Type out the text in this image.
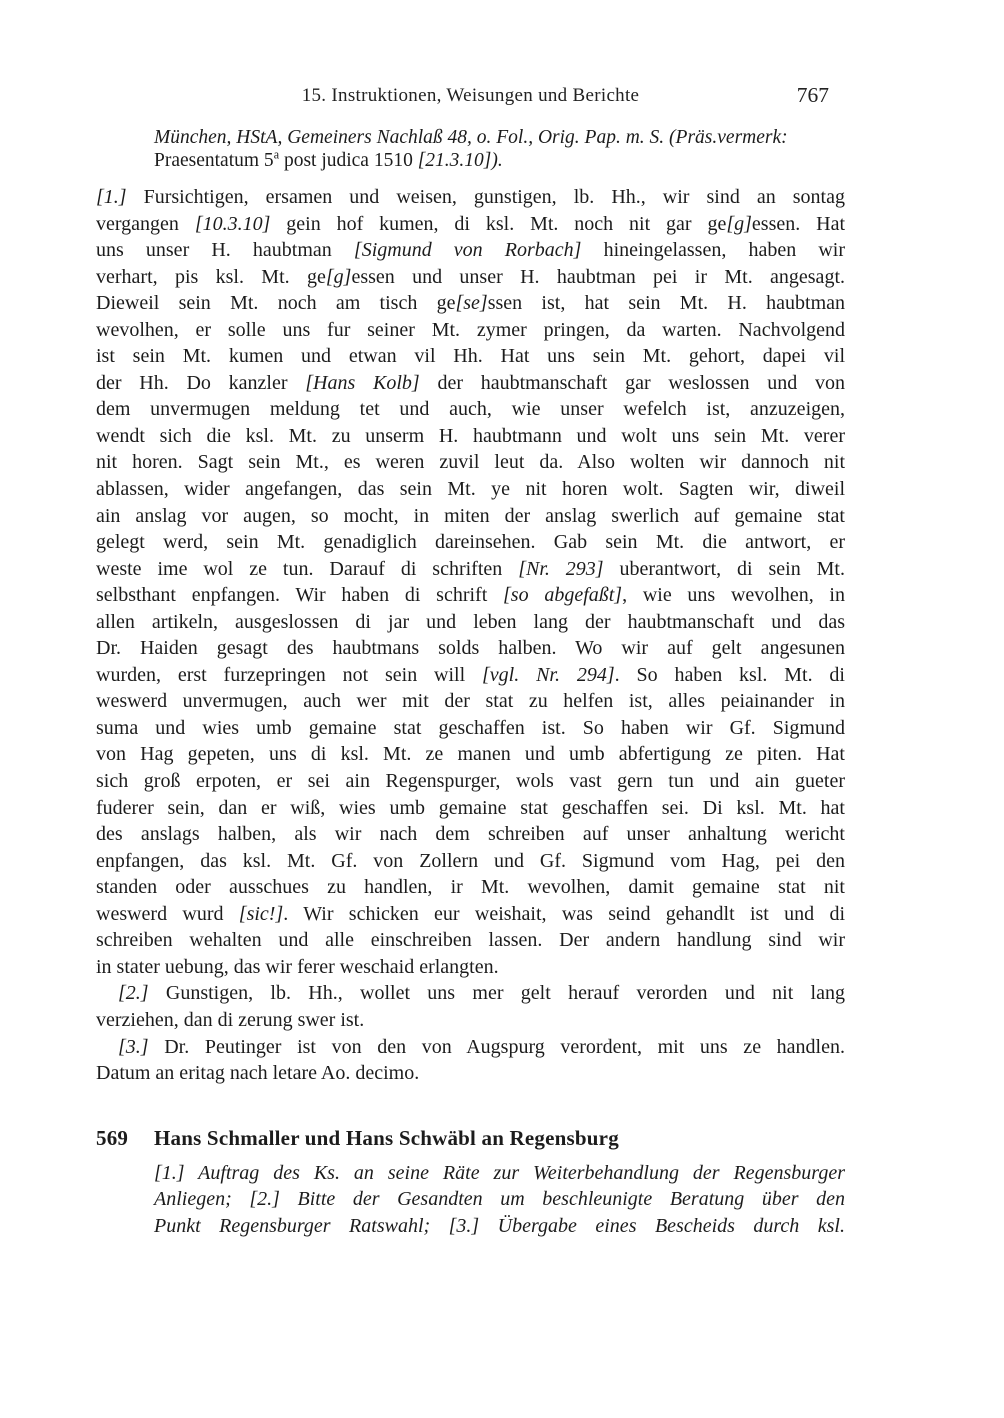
15. Instruktionen, Weisungen und Berichte	767
München, HStA, Gemeiners Nachlaß 48, o. Fol., Orig. Pap. m. S. (Präs.vermerk:
Praesentatum 5$^a$ post judica 1510 [21.3.10]).
[1.] Fursichtigen, ersamen und weisen, gunstigen, lb. Hh., wir sind an sontag
vergangen [10.3.10] gein hof kumen, di ksl. Mt. noch nit gar ge[g]essen. Hat
uns unser H. haubtman [Sigmund von Rorbach] hineingelassen, haben wir
verhart, pis ksl. Mt. ge[g]essen und unser H. haubtman pei ir Mt. angesagt.
Dieweil sein Mt. noch am tisch ge[se]ssen ist, hat sein Mt. H. haubtman
wevolhen, er solle uns fur seiner Mt. zymer pringen, da warten. Nachvolgend
ist sein Mt. kumen und etwan vil Hh. Hat uns sein Mt. gehort, dapei vil
der Hh. Do kanzler [Hans Kolb] der haubtmanschaft gar weslossen und von
dem unvermugen meldung tet und auch, wie unser wefelch ist, anzuzeigen,
wendt sich die ksl. Mt. zu unserm H. haubtmann und wolt uns sein Mt. verer
nit horen. Sagt sein Mt., es weren zuvil leut da. Also wolten wir dannoch nit
ablassen, wider angefangen, das sein Mt. ye nit horen wolt. Sagten wir, diweil
ain anslag vor augen, so mocht, in miten der anslag swerlich auf gemaine stat
gelegt werd, sein Mt. genadiglich dareinsehen. Gab sein Mt. die antwort, er
weste ime wol ze tun. Darauf di schriften [Nr. 293] uberantwort, di sein Mt.
selbsthant enpfangen. Wir haben di schrift [so abgefaßt], wie uns wevolhen, in
allen artikeln, ausgeslossen di jar und leben lang der haubtmanschaft und das
Dr. Haiden gesagt des haubtmans solds halben. Wo wir auf gelt angesunen
wurden, erst furzepringen not sein will [vgl. Nr. 294]. So haben ksl. Mt. di
weswerd unvermugen, auch wer mit der stat zu helfen ist, alles peiainander in
suma und wies umb gemaine stat geschaffen ist. So haben wir Gf. Sigmund
von Hag gepeten, uns di ksl. Mt. ze manen und umb abfertigung ze piten. Hat
sich groß erpoten, er sei ain Regenspurger, wols vast gern tun und ain gueter
fuderer sein, dan er wiß, wies umb gemaine stat geschaffen sei. Di ksl. Mt. hat
des anslags halben, als wir nach dem schreiben auf unser anhaltung wericht
enpfangen, das ksl. Mt. Gf. von Zollern und Gf. Sigmund vom Hag, pei den
standen oder ausschues zu handlen, ir Mt. wevolhen, damit gemaine stat nit
weswerd wurd [sic!]. Wir schicken eur weishait, was seind gehandlt ist und di
schreiben wehalten und alle einschreiben lassen. Der andern handlung sind wir
in stater uebung, das wir ferer weschaid erlangten.
[2.] Gunstigen, lb. Hh., wollet uns mer gelt herauf verorden und nit lang
verziehen, dan di zerung swer ist.
[3.] Dr. Peutinger ist von den von Augspurg verordent, mit uns ze handlen.
Datum an eritag nach letare Ao. decimo.
569	Hans Schmaller und Hans Schwäbl an Regensburg
[1.] Auftrag des Ks. an seine Räte zur Weiterbehandlung der Regensburger
Anliegen; [2.] Bitte der Gesandten um beschleunigte Beratung über den
Punkt Regensburger Ratswahl; [3.] Übergabe eines Bescheids durch ksl.
